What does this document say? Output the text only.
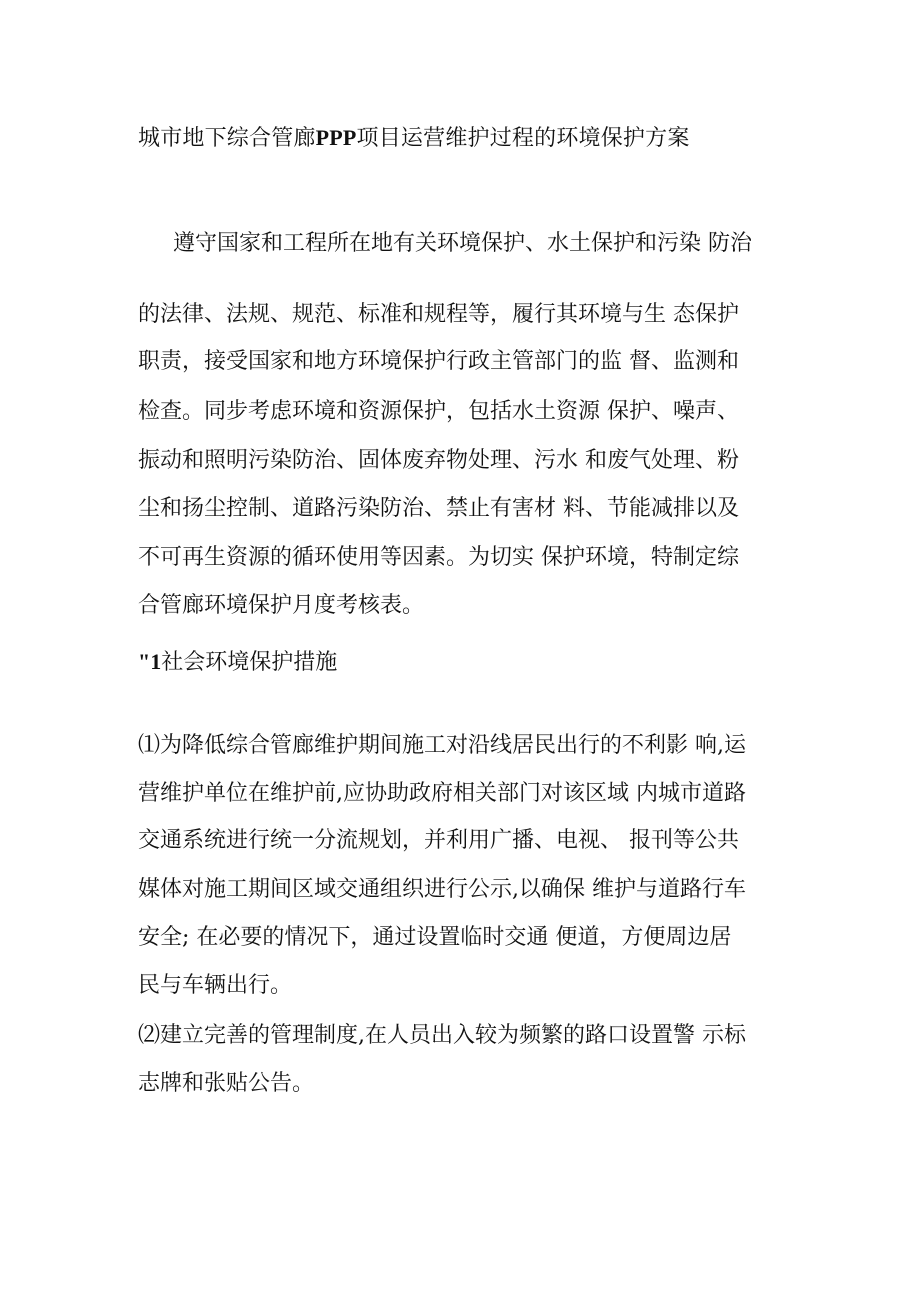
城市地下综合管廊PPP项目运营维护过程的环境保护方案
遵守国家和工程所在地有关环境保护、水土保护和污染 防治
的法律、法规、规范、标准和规程等，履行其环境与生 态保护
职责，接受国家和地方环境保护行政主管部门的监 督、监测和
检查。同步考虑环境和资源保护，包括水土资源 保护、噪声、
振动和照明污染防治、固体废弃物处理、污水 和废气处理、粉
尘和扬尘控制、道路污染防治、禁止有害材 料、节能减排以及
不可再生资源的循环使用等因素。为切实 保护环境，特制定综
合管廊环境保护月度考核表。
"1社会环境保护措施
⑴为降低综合管廊维护期间施工对沿线居民出行的不利影 响,运
营维护单位在维护前,应协助政府相关部门对该区域 内城市道路
交通系统进行统一分流规划，并利用广播、电视、 报刊等公共
媒体对施工期间区域交通组织进行公示,以确保 维护与道路行车
安全; 在必要的情况下，通过设置临时交通 便道，方便周边居
民与车辆出行。
⑵建立完善的管理制度,在人员出入较为频繁的路口设置警 示标
志牌和张贴公告。
